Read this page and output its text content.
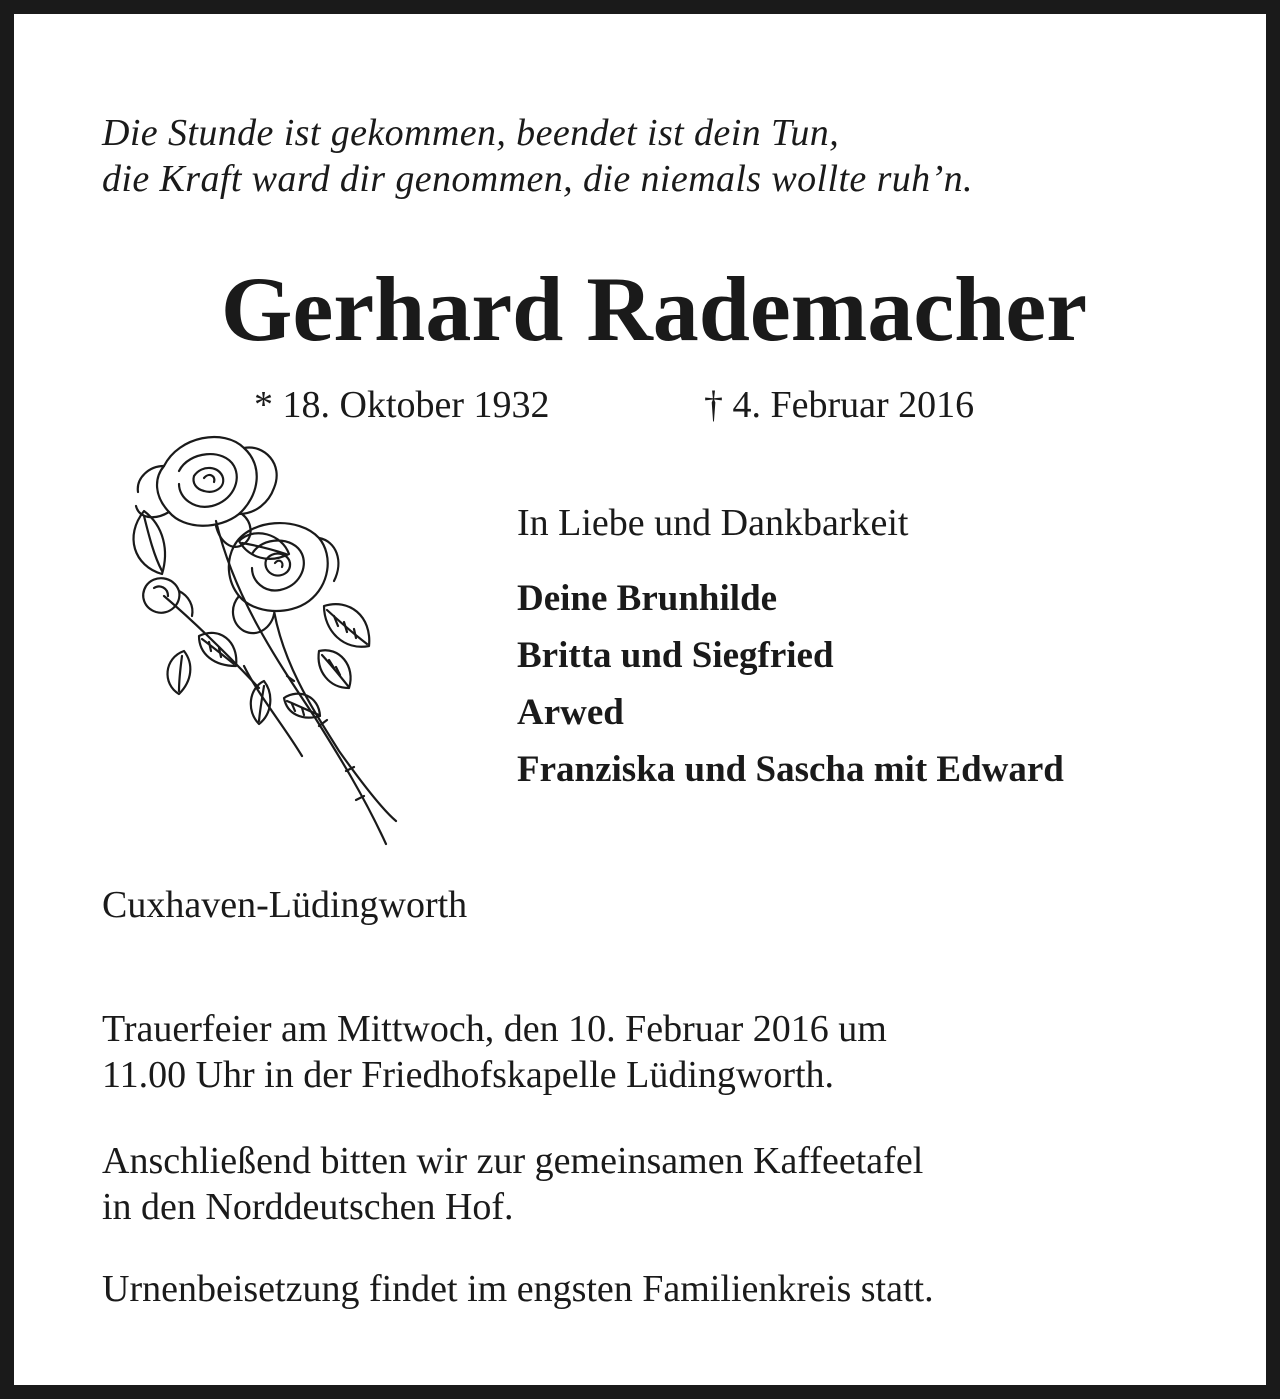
Die Stunde ist gekommen, beendet ist dein Tun,
die Kraft ward dir genommen, die niemals wollte ruh’n.
Gerhard Rademacher
* 18. Oktober 1932	† 4. Februar 2016
In Liebe und Dankbarkeit
Deine Brunhilde
Britta und Siegfried
Arwed
Franziska und Sascha mit Edward
Cuxhaven-Lüdingworth
Trauerfeier am Mittwoch, den 10. Februar 2016 um
11.00 Uhr in der Friedhofskapelle Lüdingworth.
Anschließend bitten wir zur gemeinsamen Kaffeetafel
in den Norddeutschen Hof.
Urnenbeisetzung findet im engsten Familienkreis statt.
